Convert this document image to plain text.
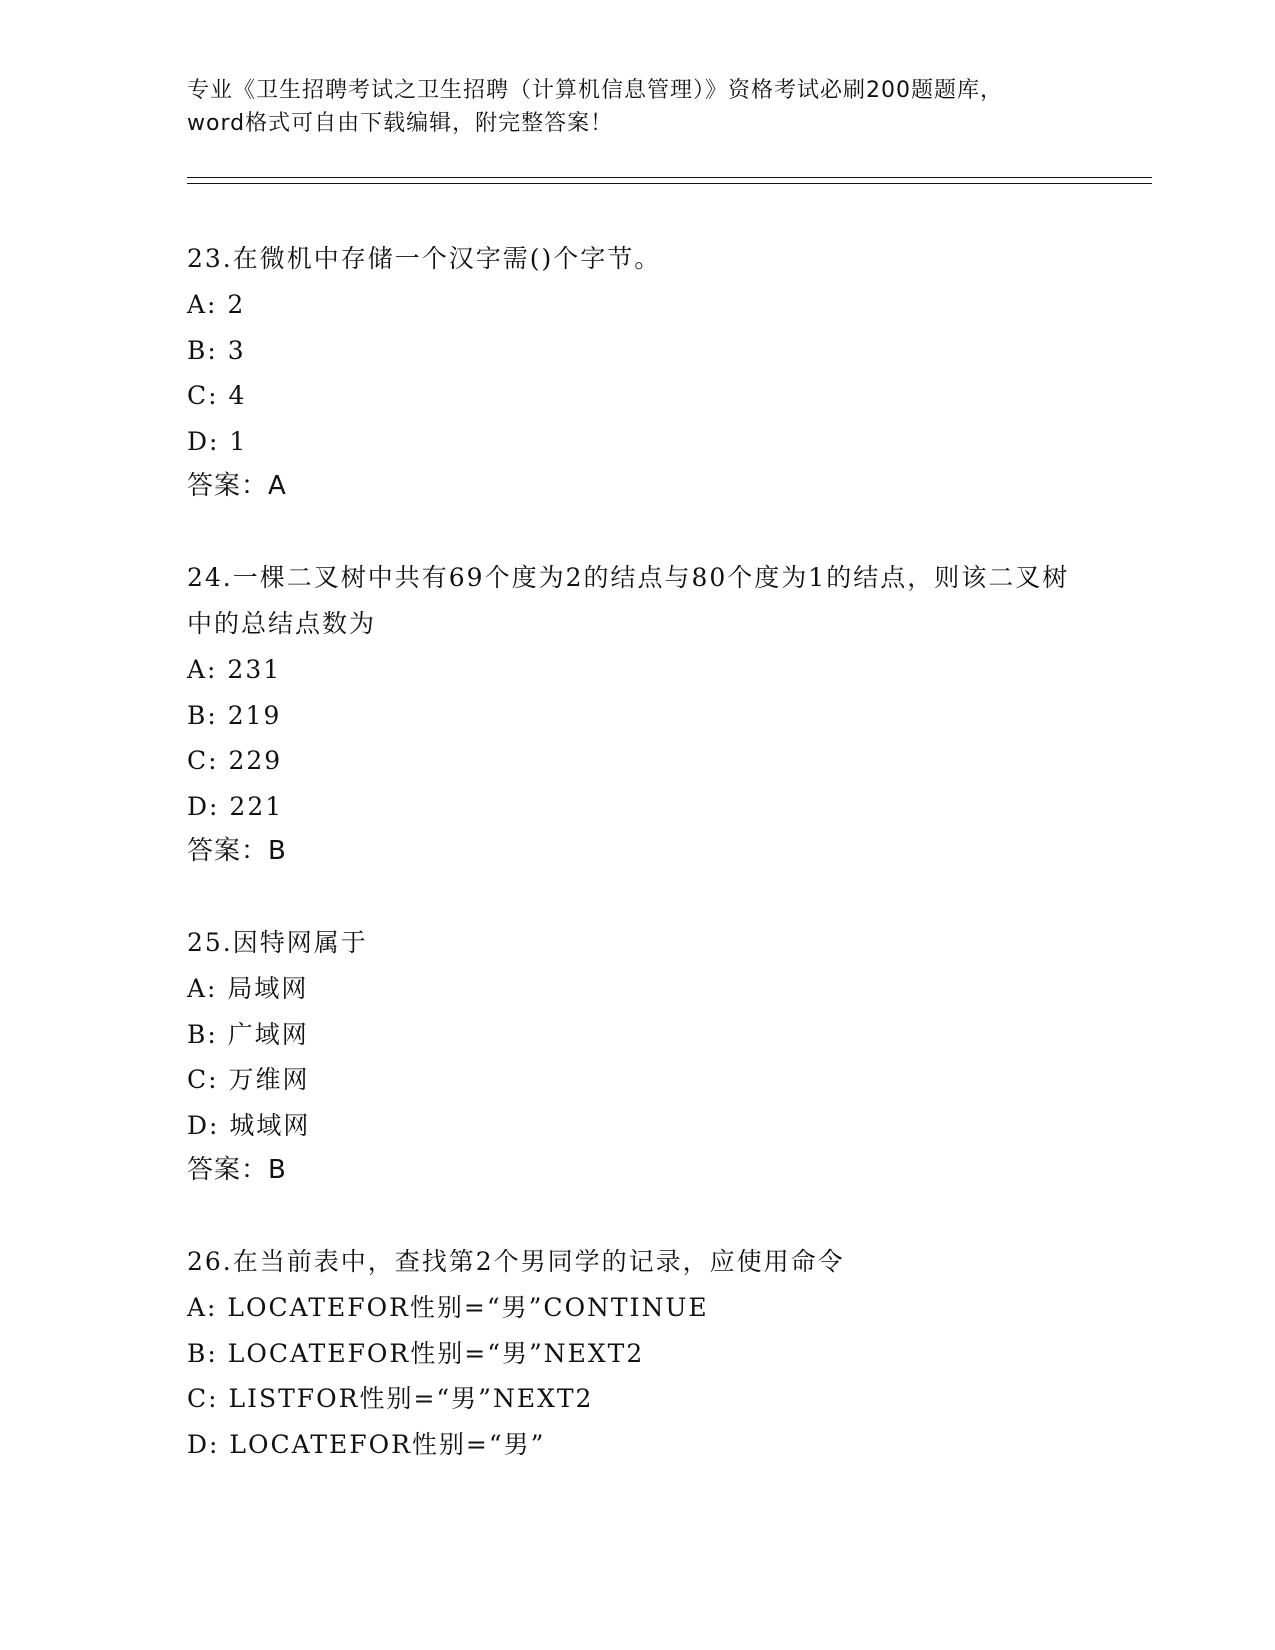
专业《卫生招聘考试之卫生招聘（计算机信息管理）》资格考试必刷200题题库，
word格式可自由下载编辑，附完整答案！
23.在微机中存储一个汉字需()个字节。
A: 2
B: 3
C: 4
D: 1
答案：A
24.一棵二叉树中共有69个度为2的结点与80个度为1的结点，则该二叉树中的总结点数为
A: 231
B: 219
C: 229
D: 221
答案：B
25.因特网属于
A: 局域网
B: 广域网
C: 万维网
D: 城域网
答案：B
26.在当前表中，查找第2个男同学的记录，应使用命令
A: LOCATEFOR性别=“男”CONTINUE
B: LOCATEFOR性别=“男”NEXT2
C: LISTFOR性别=“男”NEXT2
D: LOCATEFOR性别=“男”
